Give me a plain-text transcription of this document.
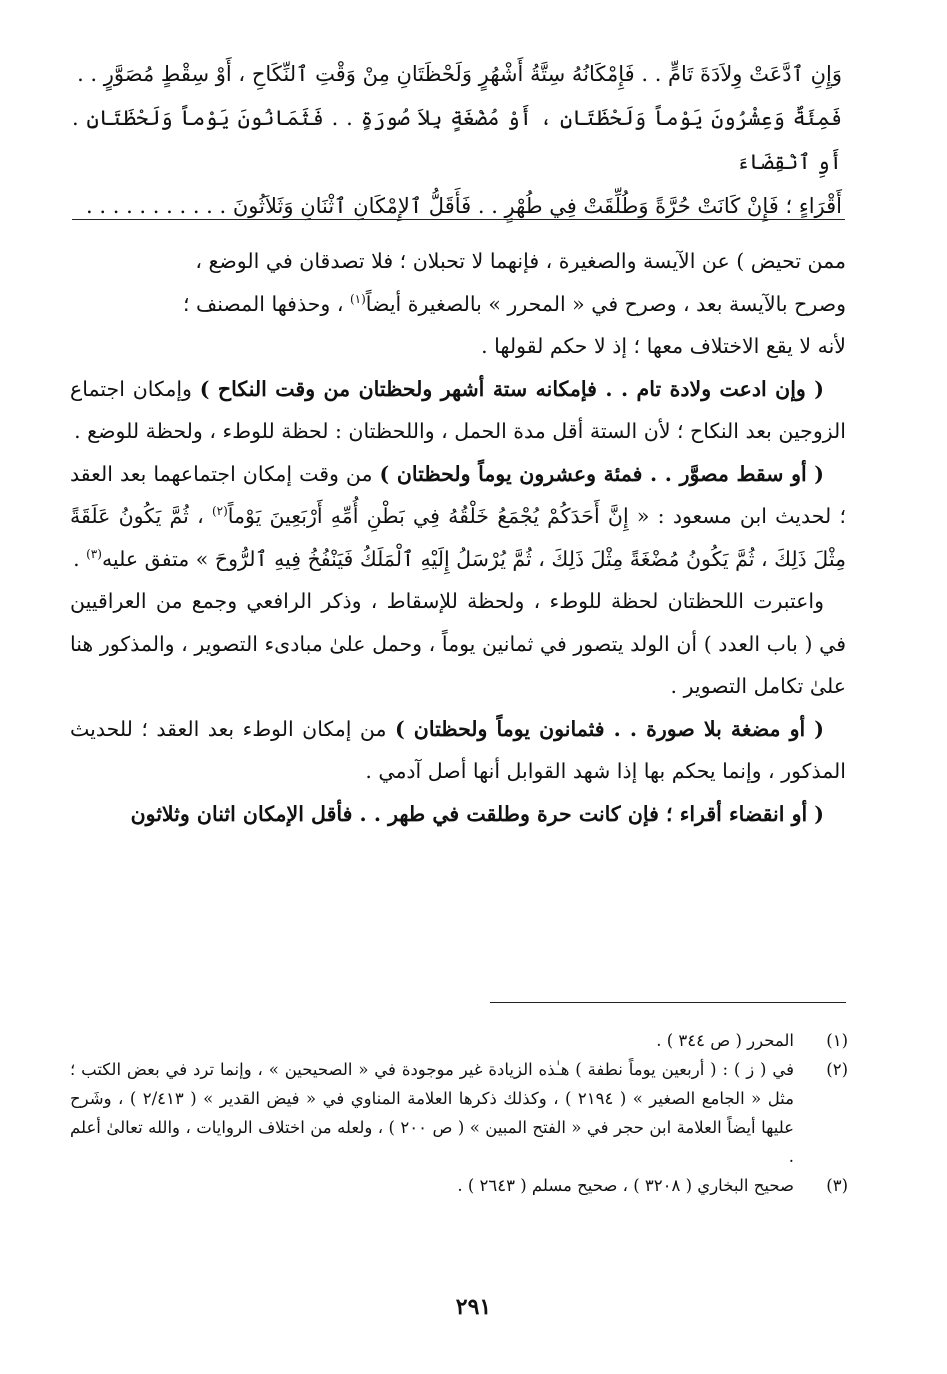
وَإِنِ ٱدَّعَتْ وِلاَدَةَ تَامٍّ . . فَإِمْكَانُهُ سِتَّةُ أَشْهُرٍ وَلَحْظَتَانِ مِنْ وَقْتِ ٱلنِّكَاحِ ، أَوْ سِقْطٍ مُصَوَّرٍ . .

فَمِئَةٌ وَعِشْرُونَ يَوْماً وَلَحْظَتَانِ ، أَوْ مُضْغَةٍ بِلاَ صُورَةٍ . . فَثَمَانُونَ يَوْماً وَلَحْظَتَانِ . أَوِ ٱنْقِضَاءَ

أَقْرَاءٍ ؛ فَإِنْ كَانَتْ حُرَّةً وَطُلِّقَتْ فِي طُهْرٍ . . فَأَقَلُّ ٱلإِمْكَانِ ٱثْنَانِ وَثَلاَثُونَ . . . . . . . . . . .

ممن تحيض ) عن الآيسة والصغيرة ، فإنهما لا تحبلان ؛ فلا تصدقان في الوضع ،
وصرح بالآيسة بعد ، وصرح في « المحرر » بالصغيرة أيضاً$^{(١)}$ ، وحذفها المصنف ؛
لأنه لا يقع الاختلاف معها ؛ إذ لا حكم لقولها .

( وإن ادعت ولادة تام . . فإمكانه ستة أشهر ولحظتان من وقت النكاح ) وإمكان اجتماع الزوجين بعد النكاح ؛ لأن الستة أقل مدة الحمل ، واللحظتان : لحظة للوطء ، ولحظة للوضع .

( أو سقط مصوَّر . . فمئة وعشرون يوماً ولحظتان ) من وقت إمكان اجتماعهما بعد العقد ؛ لحديث ابن مسعود : « إِنَّ أَحَدَكُمْ يُجْمَعُ خَلْقُهُ فِي بَطْنِ أُمِّهِ أَرْبَعِينَ يَوْماً$^{(٢)}$ ، ثُمَّ يَكُونُ عَلَقَةً مِثْلَ ذَلِكَ ، ثُمَّ يَكُونُ مُضْغَةً مِثْلَ ذَلِكَ ، ثُمَّ يُرْسَلُ إِلَيْهِ ٱلْمَلَكُ فَيَنْفُخُ فِيهِ ٱلرُّوحَ » متفق عليه$^{(٣)}$ .

واعتبرت اللحظتان لحظة للوطء ، ولحظة للإسقاط ، وذكر الرافعي وجمع من العراقيين في ( باب العدد ) أن الولد يتصور في ثمانين يوماً ، وحمل علىٰ مبادىء التصوير ، والمذكور هنا علىٰ تكامل التصوير .

( أو مضغة بلا صورة . . فثمانون يوماً ولحظتان ) من إمكان الوطء بعد العقد ؛ للحديث المذكور ، وإنما يحكم بها إذا شهد القوابل أنها أصل آدمي .

( أو انقضاء أقراء ؛ فإن كانت حرة وطلقت في طهر . . فأقل الإمكان اثنان وثلاثون

(١)
المحرر ( ص ٣٤٤ ) .
(٢)
في ( ز ) : ( أربعين يوماً نطفة ) هـٰذه الزيادة غير موجودة في « الصحيحين » ، وإنما ترد في بعض الكتب ؛ مثل « الجامع الصغير » ( ٢١٩٤ ) ، وكذلك ذكرها العلامة المناوي في « فيض القدير » ( ٢/٤١٣ ) ، وشَرح عليها أيضاً العلامة ابن حجر في « الفتح المبين » ( ص ٢٠٠ ) ، ولعله من اختلاف الروايات ، والله تعالىٰ أعلم .
(٣)
صحيح البخاري ( ٣٢٠٨ ) ، صحيح مسلم ( ٢٦٤٣ ) .
٢٩١
